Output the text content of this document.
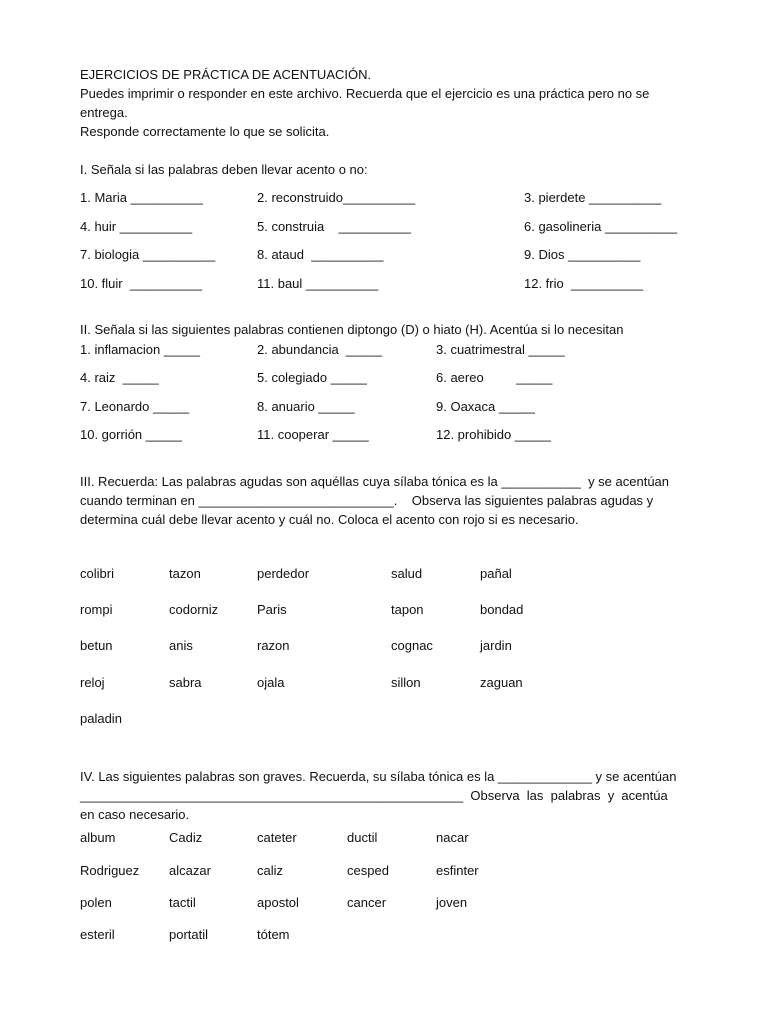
EJERCICIOS DE PRÁCTICA DE ACENTUACIÓN.
Puedes imprimir o responder en este archivo. Recuerda que el ejercicio es una práctica pero no se
entrega.
Responde correctamente lo que se solicita.
I. Señala si las palabras deben llevar acento o no:
1. Maria __________	2. reconstruido__________	3. pierdete __________
4. huir __________	5. construia    __________	6. gasolineria __________
7. biologia __________	8. ataud  __________	9. Dios __________
10. fluir  __________	11. baul __________	12. frio  __________
II. Señala si las siguientes palabras contienen diptongo (D) o hiato (H). Acentúa si lo necesitan
1. inflamacion _____	2. abundancia  _____	3. cuatrimestral _____
4. raiz  _____	5. colegiado _____	6. aereo         _____
7. Leonardo _____	8. anuario _____	9. Oaxaca _____
10. gorrión _____	11. cooperar _____	12. prohibido _____
III. Recuerda: Las palabras agudas son aquéllas cuya sílaba tónica es la ___________  y se acentúan
cuando terminan en ___________________________.    Observa las siguientes palabras agudas y
determina cuál debe llevar acento y cuál no. Coloca el acento con rojo si es necesario.
colibri	tazon	perdedor	salud	pañal
rompi	codorniz	Paris	tapon	bondad
betun	anis	razon	cognac	jardin
reloj	sabra	ojala	sillon	zaguan
paladin
IV. Las siguientes palabras son graves. Recuerda, su sílaba tónica es la _____________ y se acentúan
_____________________________________________________  Observa  las  palabras  y  acentúa
en caso necesario.
album	Cadiz	cateter	ductil	nacar
Rodriguez alcazar	caliz	cesped	esfinter
polen	tactil	apostol	cancer	joven
esteril	portatil	tótem
